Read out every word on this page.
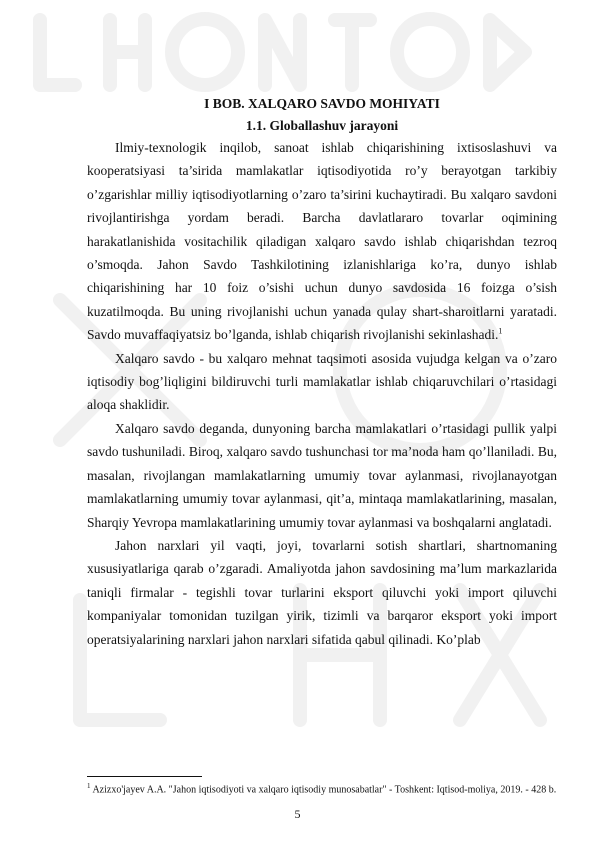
I BOB. XALQARO SAVDO MOHIYATI
1.1. Globallashuv jarayoni

Ilmiy-texnologik inqilob, sanoat ishlab chiqarishining ixtisoslashuvi va kooperatsiyasi ta’sirida mamlakatlar iqtisodiyotida ro’y berayotgan tarkibiy o’zgarishlar milliy iqtisodiyotlarning o’zaro ta’sirini kuchaytiradi. Bu xalqaro savdoni rivojlantirishga yordam beradi. Barcha davlatlararo tovarlar oqimining harakatlanishida vositachilik qiladigan xalqaro savdo ishlab chiqarishdan tezroq o’smoqda. Jahon Savdo Tashkilotining izlanishlariga ko’ra, dunyo ishlab chiqarishining har 10 foiz o’sishi uchun dunyo savdosida 16 foizga o’sish kuzatilmoqda. Bu uning rivojlanishi uchun yanada qulay shart-sharoitlarni yaratadi. Savdo muvaffaqiyatsiz bo’lganda, ishlab chiqarish rivojlanishi sekinlashadi.$^1$

Xalqaro savdo - bu xalqaro mehnat taqsimoti asosida vujudga kelgan va o’zaro iqtisodiy bog’liqligini bildiruvchi turli mamlakatlar ishlab chiqaruvchilari o’rtasidagi aloqa shaklidir.

Xalqaro savdo deganda, dunyoning barcha mamlakatlari o’rtasidagi pullik yalpi savdo tushuniladi. Biroq, xalqaro savdo tushunchasi tor ma’noda ham qo’llaniladi. Bu, masalan, rivojlangan mamlakatlarning umumiy tovar aylanmasi, rivojlanayotgan mamlakatlarning umumiy tovar aylanmasi, qit’a, mintaqa mamlakatlarining, masalan, Sharqiy Yevropa mamlakatlarining umumiy tovar aylanmasi va boshqalarni anglatadi.

Jahon narxlari yil vaqti, joyi, tovarlarni sotish shartlari, shartnomaning xususiyatlariga qarab o’zgaradi. Amaliyotda jahon savdosining ma’lum markazlarida taniqli firmalar - tegishli tovar turlarini eksport qiluvchi yoki import qiluvchi kompaniyalar tomonidan tuzilgan yirik, tizimli va barqaror eksport yoki import operatsiyalarining narxlari jahon narxlari sifatida qabul qilinadi. Ko’plab

$^1$ Azizxo'jayev A.A. "Jahon iqtisodiyoti va xalqaro iqtisodiy munosabatlar" - Toshkent: Iqtisod-moliya, 2019. - 428 b.
5
